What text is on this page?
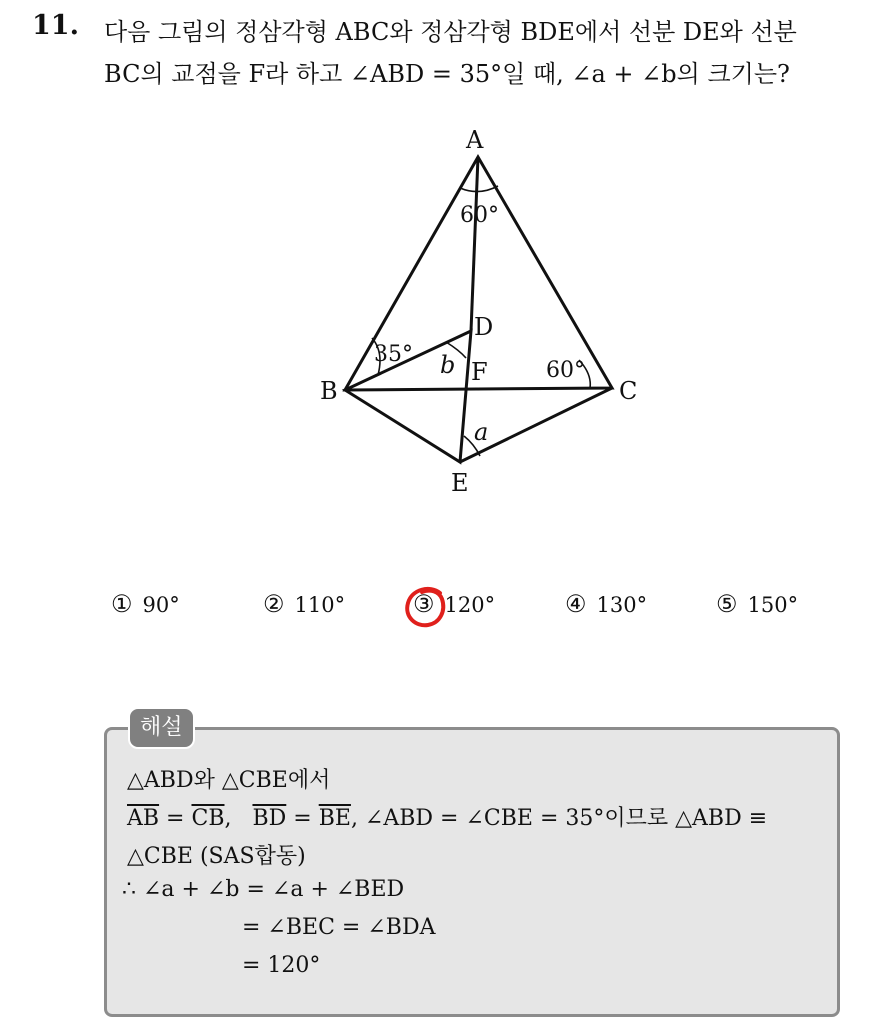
11. 다음 그림의 정삼각형 ABC와 정삼각형 BDE에서 선분 DE와 선분
BC의 교점을 F라 하고 ∠ABD = 35°일 때, ∠a + ∠b의 크기는?
A
60°
D
35° b F	60°
B	C
a
E
① 90°	② 110°	③ 120°	④ 130°	⑤ 150°
해설
△ABD와 △CBE에서
$\overline{AB} = \overline{CB}$,   $\overline{BD} = \overline{BE}$, ∠ABD = ∠CBE = 35°이므로 △ABD ≡
△CBE (SAS합동)
∴ ∠a + ∠b = ∠a + ∠BED
= ∠BEC = ∠BDA
= 120°
